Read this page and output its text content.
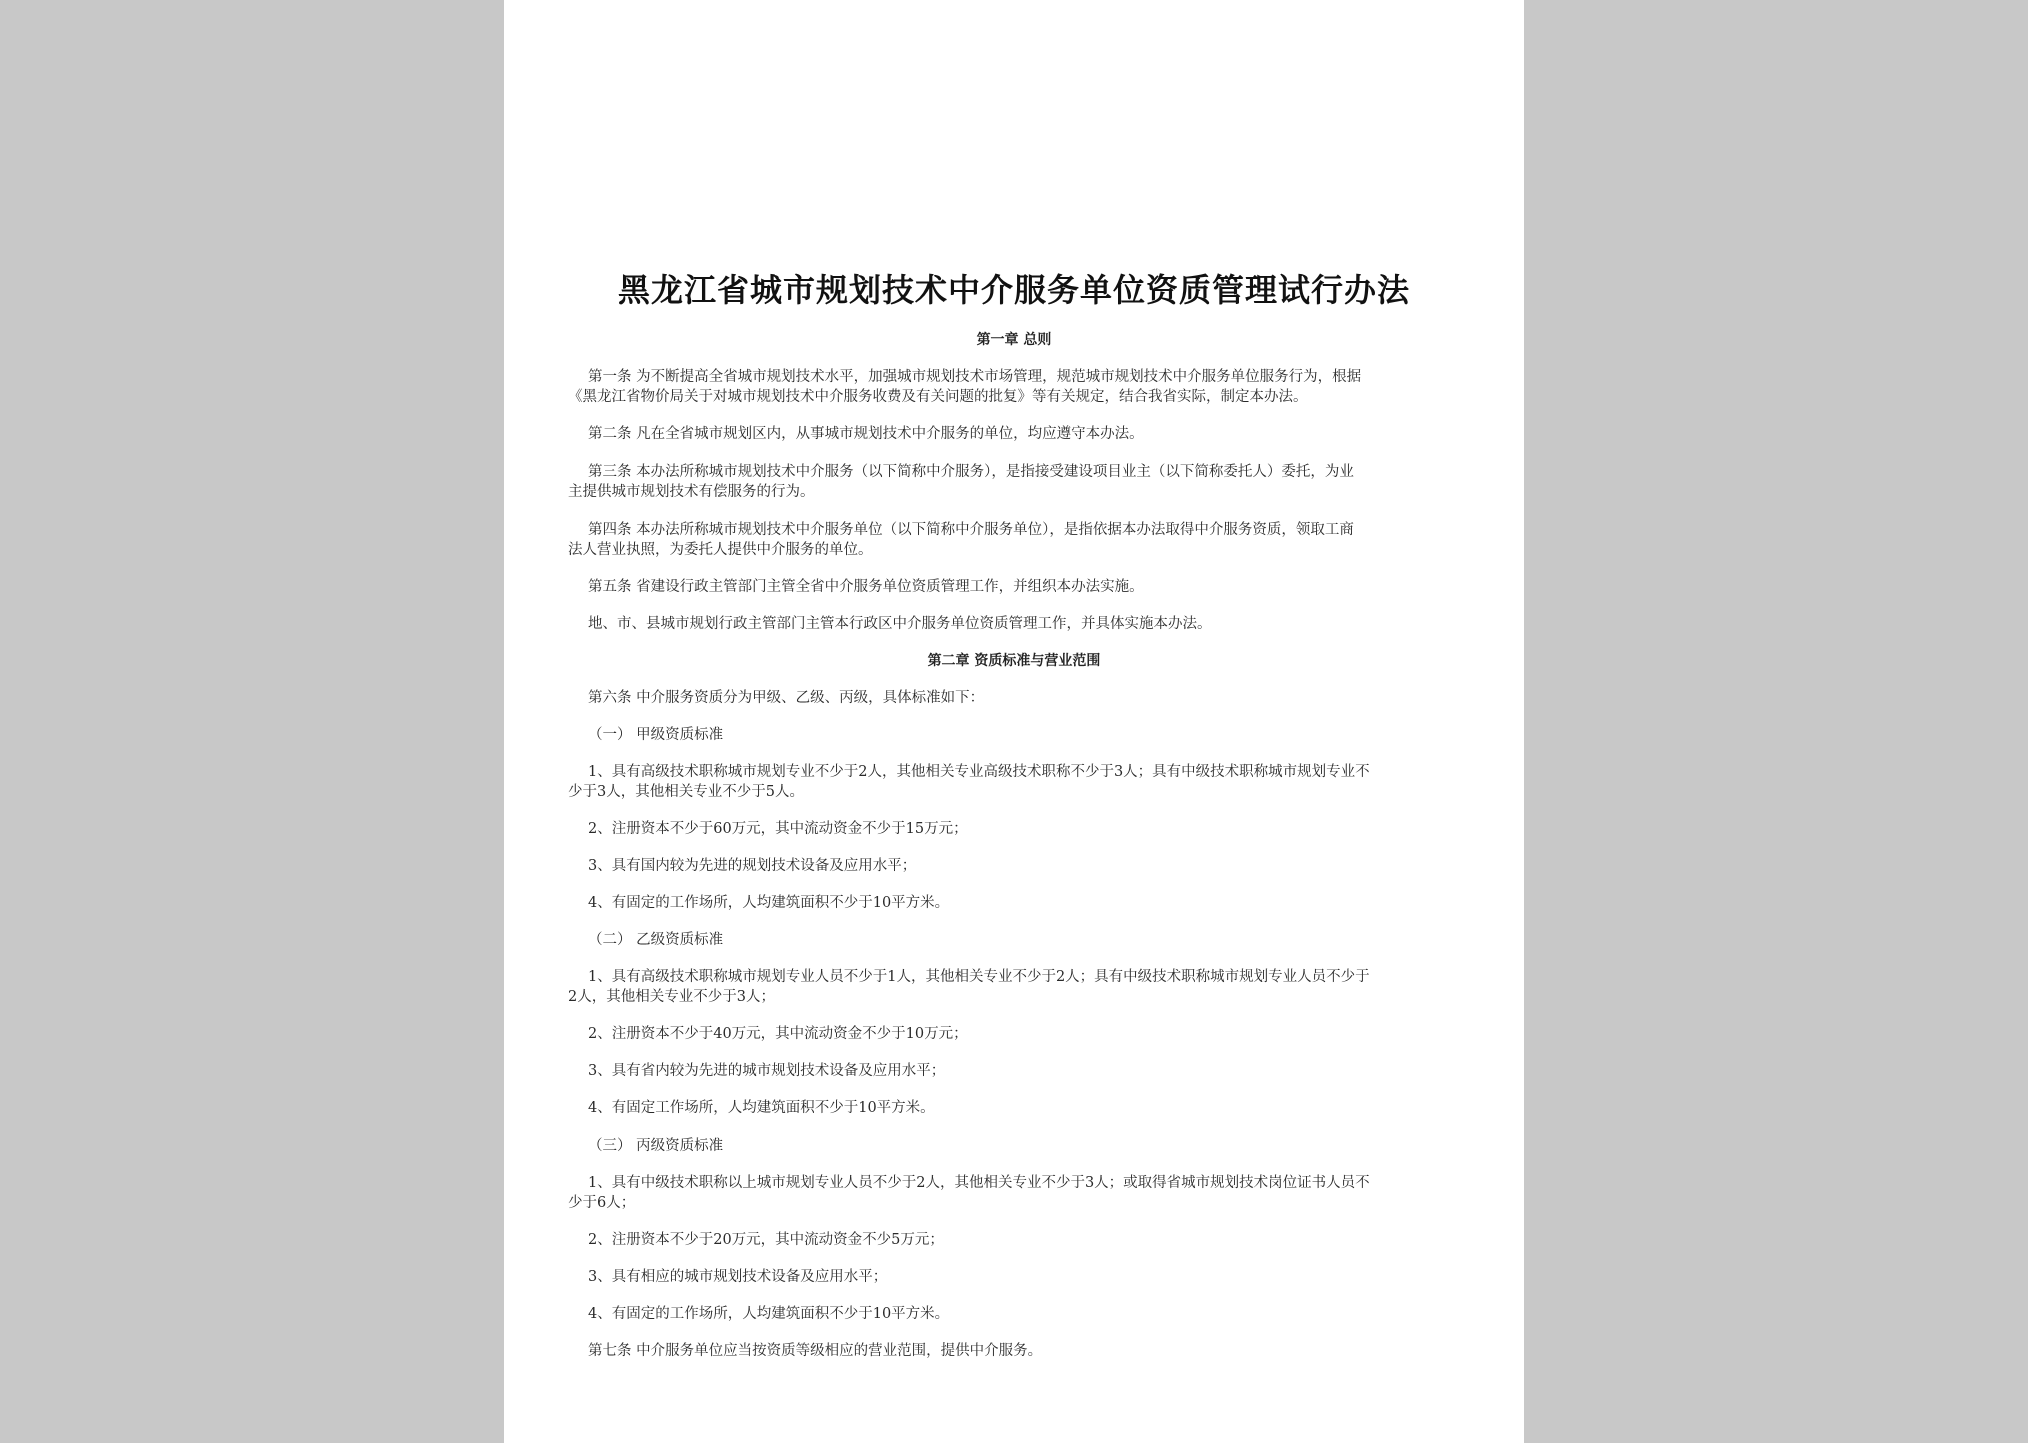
黑龙江省城市规划技术中介服务单位资质管理试行办法

第一章 总则

第一条 为不断提高全省城市规划技术水平，加强城市规划技术市场管理，规范城市规划技术中介服务单位服务行为，根据

《黑龙江省物价局关于对城市规划技术中介服务收费及有关问题的批复》等有关规定，结合我省实际，制定本办法。

第二条 凡在全省城市规划区内，从事城市规划技术中介服务的单位，均应遵守本办法。

第三条 本办法所称城市规划技术中介服务（以下简称中介服务），是指接受建设项目业主（以下简称委托人）委托，为业

主提供城市规划技术有偿服务的行为。

第四条 本办法所称城市规划技术中介服务单位（以下简称中介服务单位），是指依据本办法取得中介服务资质，领取工商

法人营业执照，为委托人提供中介服务的单位。

第五条 省建设行政主管部门主管全省中介服务单位资质管理工作，并组织本办法实施。

地、市、县城市规划行政主管部门主管本行政区中介服务单位资质管理工作，并具体实施本办法。

第二章 资质标准与营业范围

第六条 中介服务资质分为甲级、乙级、丙级，具体标准如下：

（一） 甲级资质标准

1、具有高级技术职称城市规划专业不少于2人，其他相关专业高级技术职称不少于3人；具有中级技术职称城市规划专业不

少于3人，其他相关专业不少于5人。

2、注册资本不少于60万元，其中流动资金不少于15万元；

3、具有国内较为先进的规划技术设备及应用水平；

4、有固定的工作场所，人均建筑面积不少于10平方米。

（二） 乙级资质标准

1、具有高级技术职称城市规划专业人员不少于1人，其他相关专业不少于2人；具有中级技术职称城市规划专业人员不少于

2人，其他相关专业不少于3人；

2、注册资本不少于40万元，其中流动资金不少于10万元；

3、具有省内较为先进的城市规划技术设备及应用水平；

4、有固定工作场所，人均建筑面积不少于10平方米。

（三） 丙级资质标准

1、具有中级技术职称以上城市规划专业人员不少于2人，其他相关专业不少于3人；或取得省城市规划技术岗位证书人员不

少于6人；

2、注册资本不少于20万元，其中流动资金不少5万元；

3、具有相应的城市规划技术设备及应用水平；

4、有固定的工作场所，人均建筑面积不少于10平方米。

第七条 中介服务单位应当按资质等级相应的营业范围，提供中介服务。
